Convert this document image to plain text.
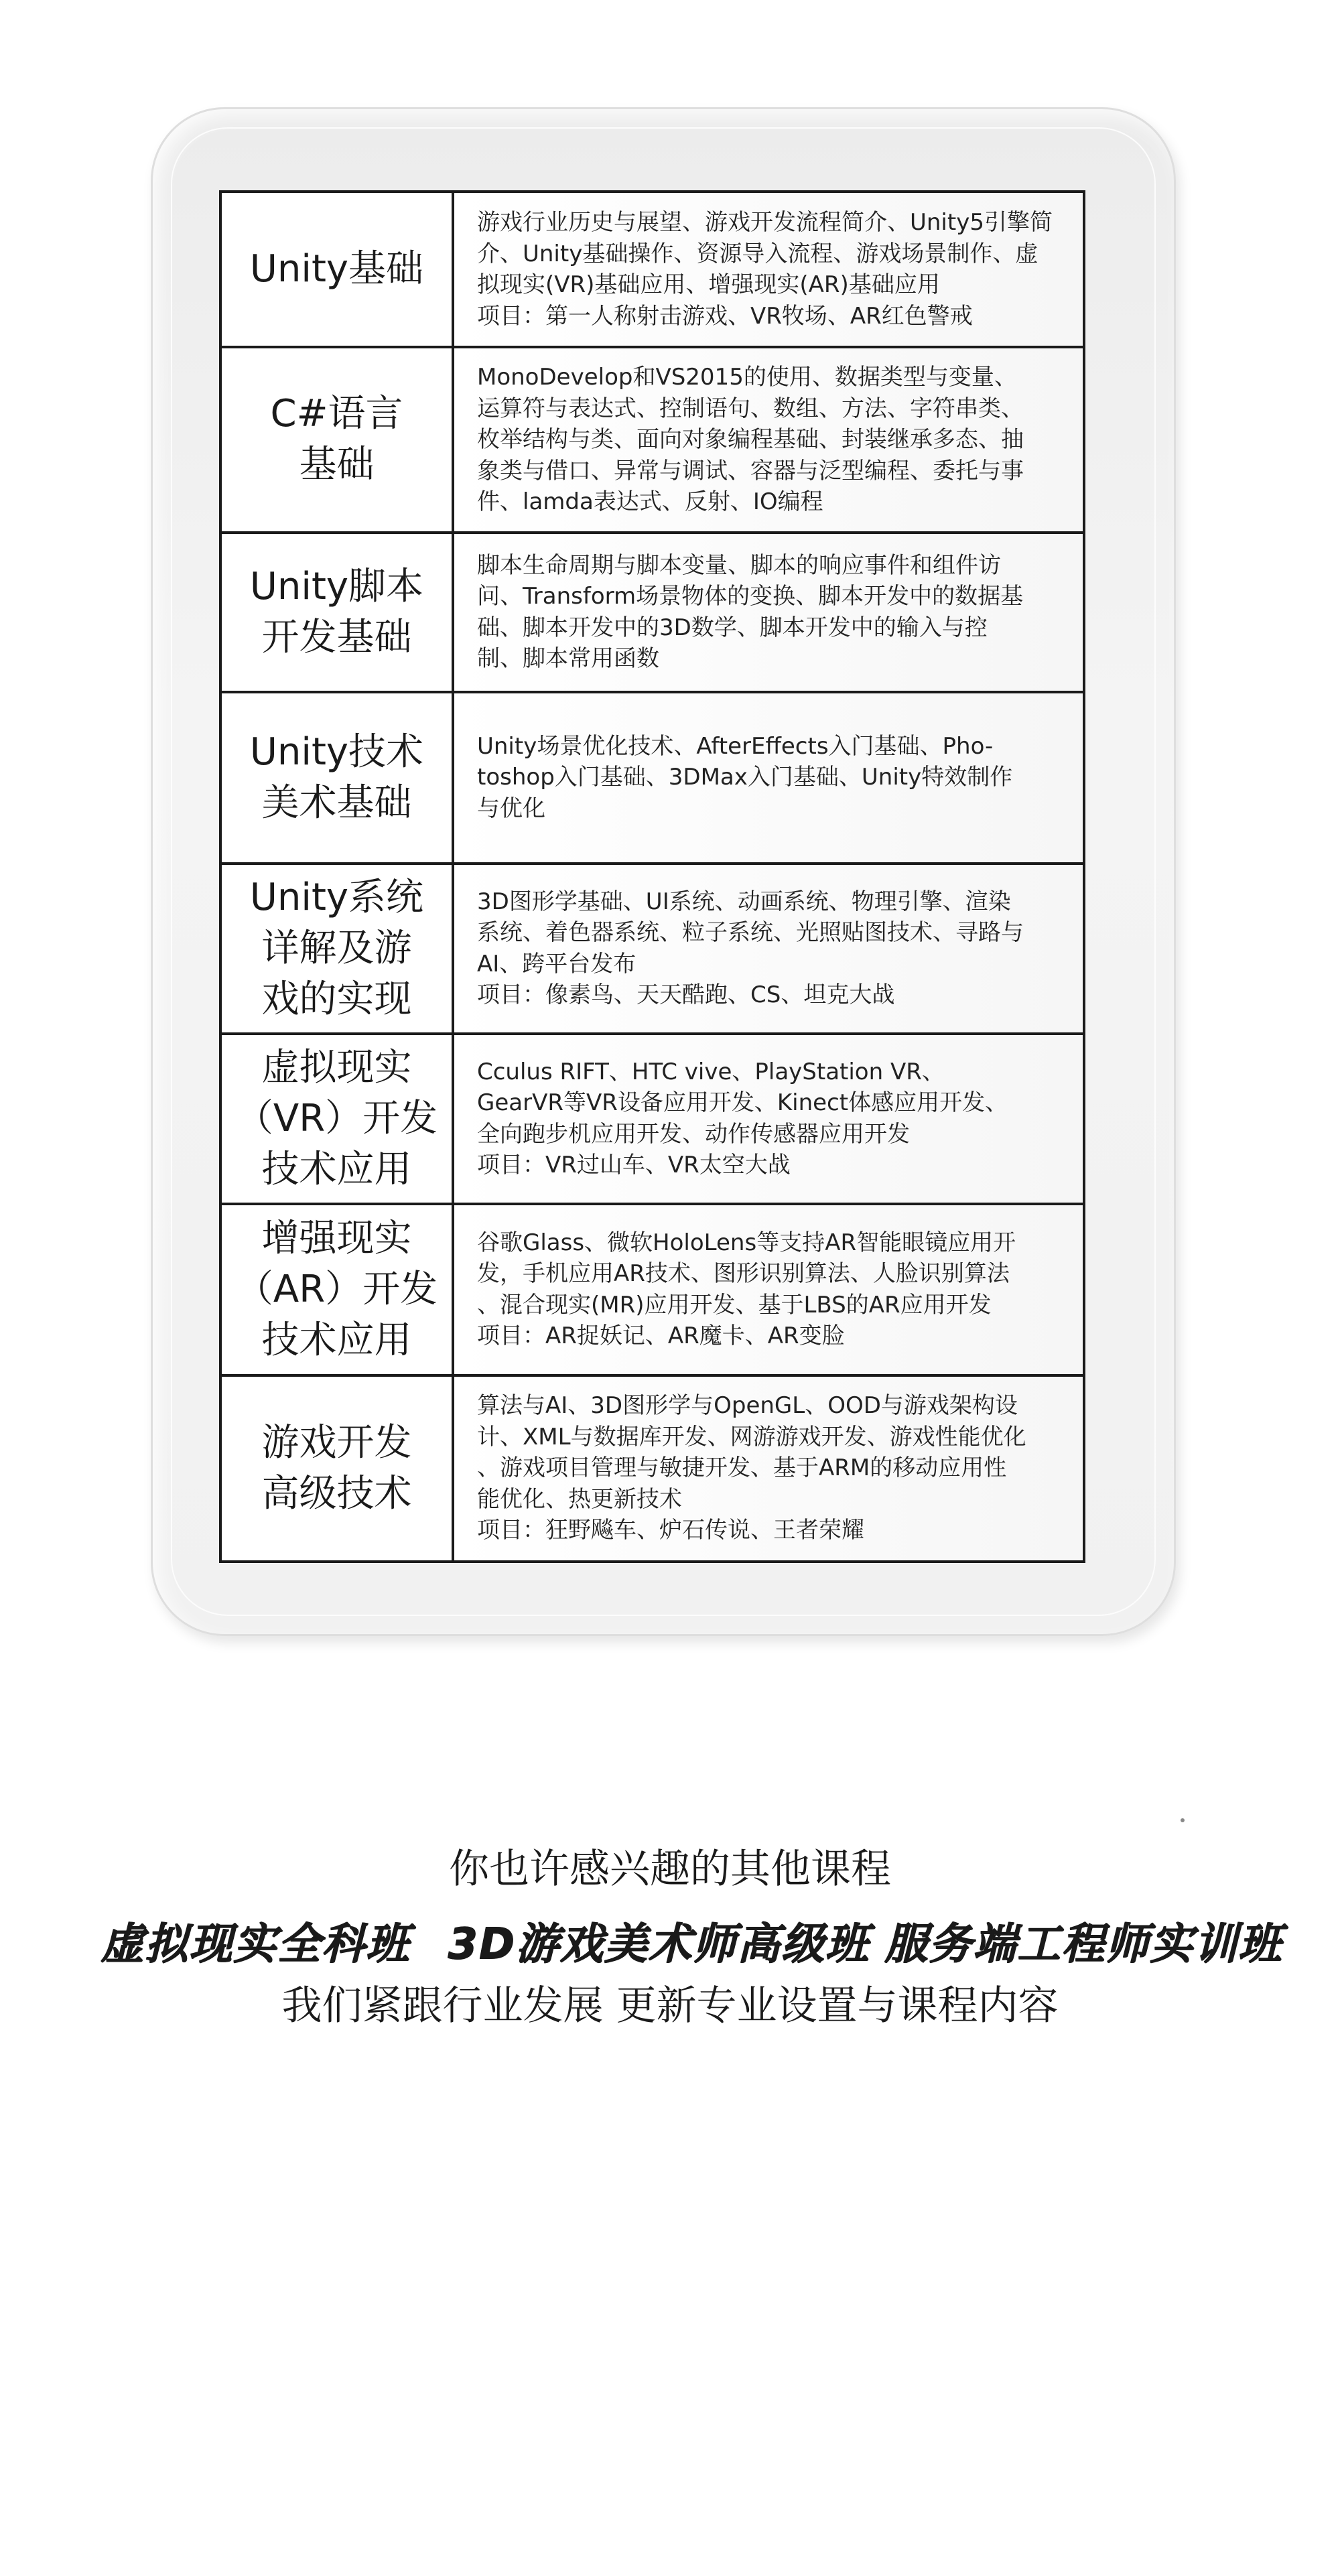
Unity基础	游戏行业历史与展望、游戏开发流程简介、Unity5引擎简
介、Unity基础操作、资源导入流程、游戏场景制作、虚
拟现实(VR)基础应用、增强现实(AR)基础应用
项目：第一人称射击游戏、VR牧场、AR红色警戒

C#语言
基础	MonoDevelop和VS2015的使用、数据类型与变量、
运算符与表达式、控制语句、数组、方法、字符串类、
枚举结构与类、面向对象编程基础、封装继承多态、抽
象类与借口、异常与调试、容器与泛型编程、委托与事
件、lamda表达式、反射、IO编程

Unity脚本
开发基础	脚本生命周期与脚本变量、脚本的响应事件和组件访
问、Transform场景物体的变换、脚本开发中的数据基
础、脚本开发中的3D数学、脚本开发中的输入与控
制、脚本常用函数

Unity技术
美术基础	Unity场景优化技术、AfterEffects入门基础、Pho-
toshop入门基础、3DMax入门基础、Unity特效制作
与优化

Unity系统
详解及游
戏的实现	3D图形学基础、UI系统、动画系统、物理引擎、渲染
系统、着色器系统、粒子系统、光照贴图技术、寻路与
AI、跨平台发布
项目：像素鸟、天天酷跑、CS、坦克大战

虚拟现实
（VR）开发
技术应用	Cculus RIFT、HTC vive、PlayStation VR、
GearVR等VR设备应用开发、Kinect体感应用开发、
全向跑步机应用开发、动作传感器应用开发
项目：VR过山车、VR太空大战

增强现实
（AR）开发
技术应用	谷歌Glass、微软HoloLens等支持AR智能眼镜应用开
发，手机应用AR技术、图形识别算法、人脸识别算法
、混合现实(MR)应用开发、基于LBS的AR应用开发
项目：AR捉妖记、AR魔卡、AR变脸

游戏开发
高级技术	算法与AI、3D图形学与OpenGL、OOD与游戏架构设
计、XML与数据库开发、网游游戏开发、游戏性能优化
、游戏项目管理与敏捷开发、基于ARM的移动应用性
能优化、热更新技术
项目：狂野飚车、炉石传说、王者荣耀
你也许感兴趣的其他课程
虚拟现实全科班 3D游戏美术师高级班 服务端工程师实训班
我们紧跟行业发展 更新专业设置与课程内容
